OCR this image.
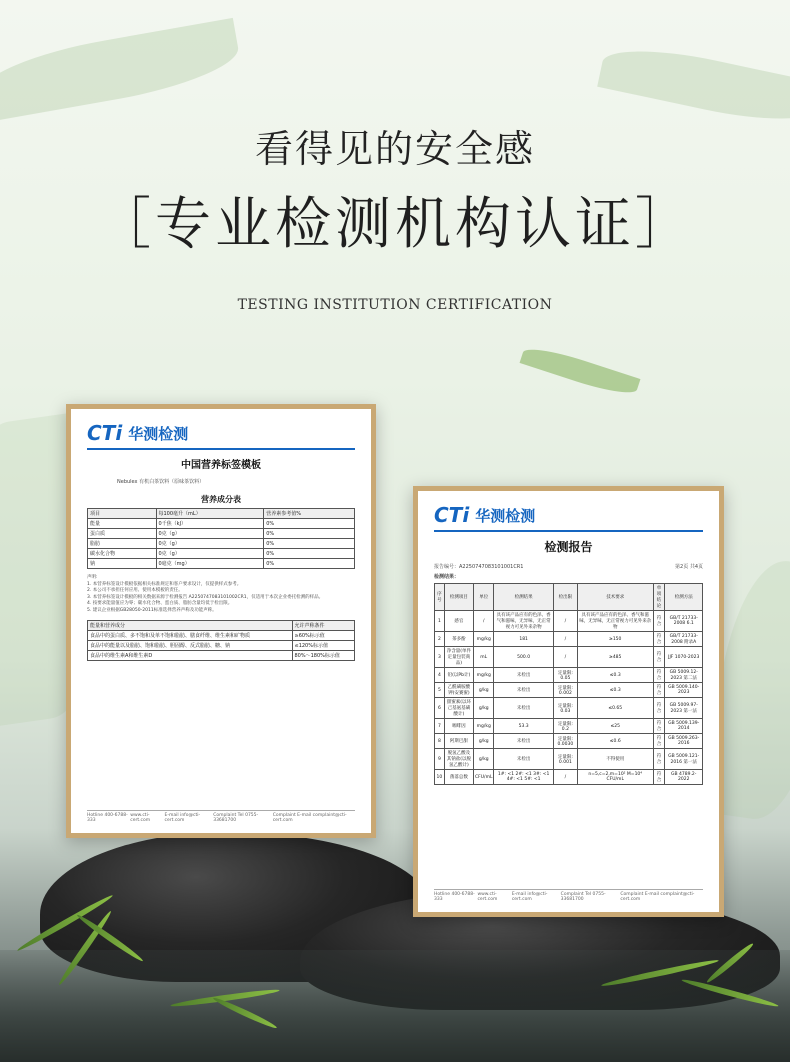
看得见的安全感
［专业检测机构认证］
TESTING INSTITUTION CERTIFICATION
CTi 华测检测
中国营养标签模板
Nebulex 有机白茶饮料（原味茶饮料）
营养成分表
项目	每100毫升（mL）	营养素参考值%
能量	0千焦（kJ）	0%
蛋白质	0克（g）	0%
脂肪	0克（g）	0%
碳水化合物	0克（g）	0%
钠	0毫克（mg）	0%

声明:

1. 本营养标签设计模板依据相关标准规定和客户要求设计，仅提供样式参考。

2. 本公司不承担任何应用、使用本模板的责任。

3. 本营养标签设计模板的相关数据来源于检测报告 A2250747083101002CR1，仅适用于本次企业委托检测的样品。

4. 按要求能量值应为零；碳水化合物、蛋白质、脂肪含量均低于检出限。

5. 建议企业根据GB28050-2011标准选择营养声称及功能声称。

能量和营养成分	允许声称条件
食品中的蛋白质、多不饱和及单不饱和脂肪、膳食纤维、维生素和矿物质	≥60%标示值
食品中的能量以及脂肪、饱和脂肪、胆固醇、反式脂肪、糖、钠	≤120%标示值
食品中的维生素A和维生素D	80%～180%标示值
Hotline 400-6788-333
www.cti-cert.com
E-mail info@cti-cert.com
Complaint Tel 0755-33681700
Complaint E-mail complaint@cti-cert.com
CTi 华测检测
检测报告
报告编号：A2250747083101001CR1	第2页 共4页
检测结果：
序号	检测项目	单位	检测结果	检出限	技术要求	单项结论	检测方法
1	感官	/	具有该产品应有的色泽、香气和滋味，无异味，无正常视力可见外来杂物	/	具有该产品应有的色泽、香气和滋味，无异味，无正常视力可见外来杂物	符合	GB/T 21733-2008 6.1
2	茶多酚	mg/kg	181	/	≥150	符合	GB/T 21733-2008 附录A
3	净含量(单件定量包装商品)	mL	500.0	/	≥485	符合	JJF 1070-2023
4	铅(以Pb计)	mg/kg	未检出	定量限: 0.05	≤0.3	符合	GB 5009.12-2023 第二法
5	乙酰磺胺酸钾(安赛蜜)	g/kg	未检出	定量限: 0.002	≤0.3	符合	GB 5009.140-2023
6	甜蜜素(以环己基氨基磺酸计)	g/kg	未检出	定量限: 0.03	≤0.65	符合	GB 5009.97-2023 第一法
7	咖啡因	mg/kg	53.3	定量限: 0.2	≤25	符合	GB 5009.139-2014
8	阿斯巴甜	g/kg	未检出	定量限: 0.0030	≤0.6	符合	GB 5009.263-2016
9	脱氢乙酸及其钠盐(以脱氢乙酸计)	g/kg	未检出	定量限: 0.001	不得使用	符合	GB 5009.121-2016 第一法
10	菌落总数	CFU/mL	1#: <1 2#: <1 3#: <1 4#: <1 5#: <1	/	n=5,c=2,m=10² M=10⁴ CFU/mL	符合	GB 4789.2-2022
Hotline 400-6788-333
www.cti-cert.com
E-mail info@cti-cert.com
Complaint Tel 0755-33681700
Complaint E-mail complaint@cti-cert.com
